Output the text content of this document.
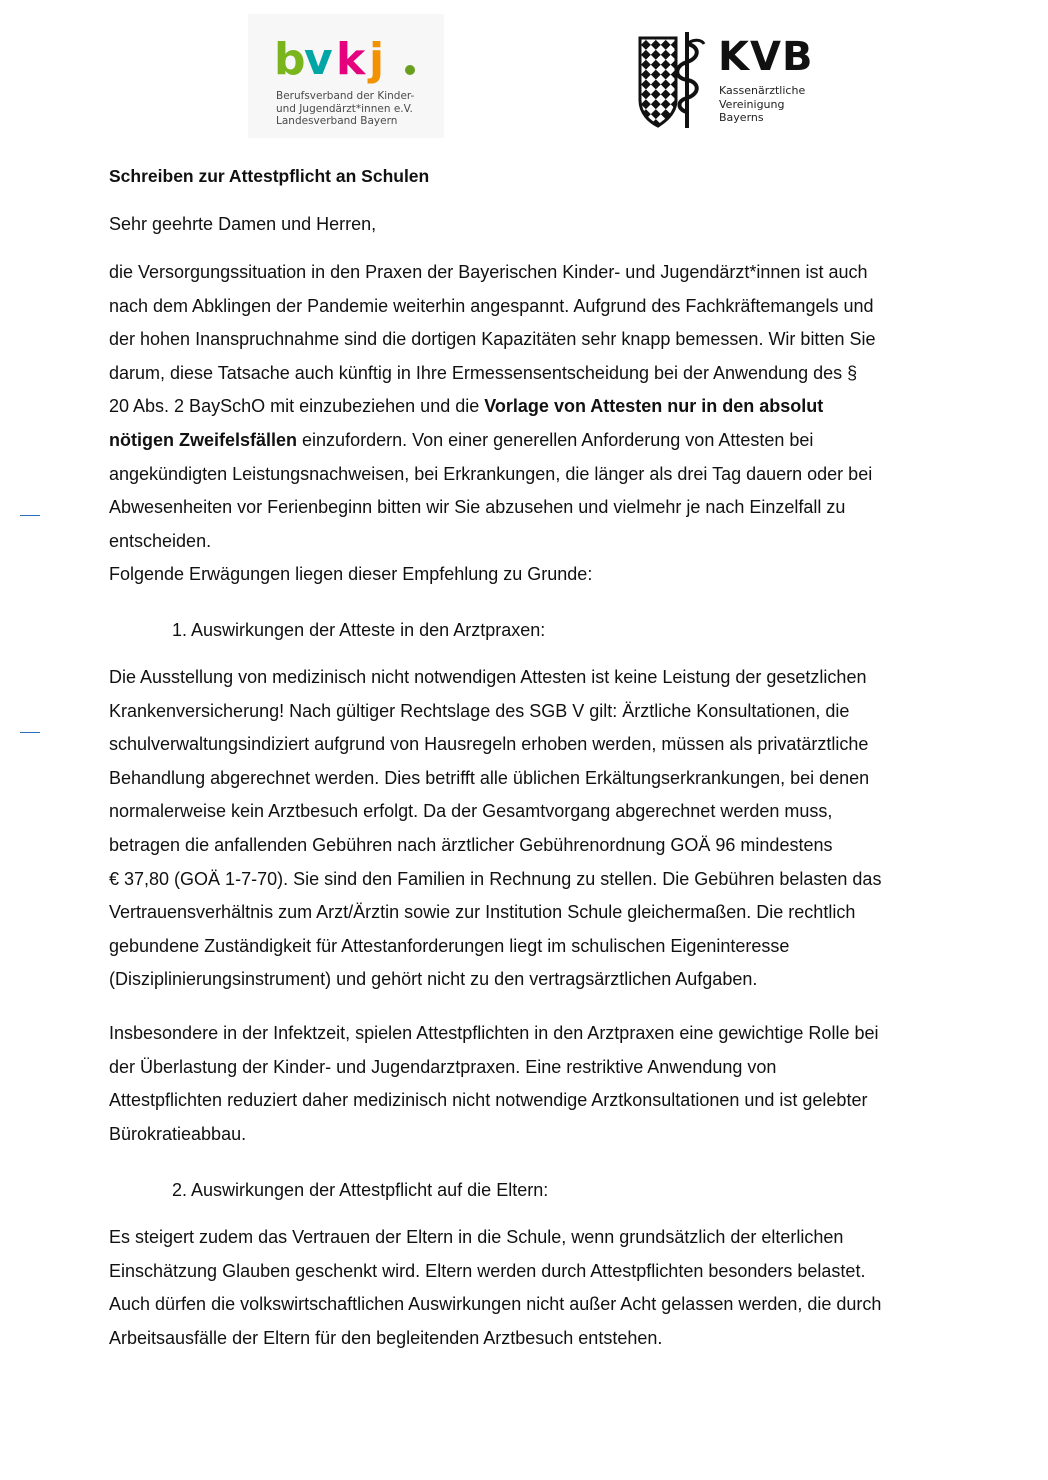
b
v k j
Berufsverband der Kinder-
und Jugendärzt*innen e.V.
Landesverband Bayern
KVB
Kassenärztliche
Vereinigung
Bayerns
Schreiben zur Attestpflicht an Schulen
Sehr geehrte Damen und Herren,
die Versorgungssituation in den Praxen der Bayerischen Kinder- und Jugendärzt*innen ist auch
nach dem Abklingen der Pandemie weiterhin angespannt. Aufgrund des Fachkräftemangels und
der hohen Inanspruchnahme sind die dortigen Kapazitäten sehr knapp bemessen. Wir bitten Sie
darum, diese Tatsache auch künftig in Ihre Ermessensentscheidung bei der Anwendung des §
20 Abs. 2 BaySchO mit einzubeziehen und die Vorlage von Attesten nur in den absolut
nötigen Zweifelsfällen einzufordern. Von einer generellen Anforderung von Attesten bei
angekündigten Leistungsnachweisen, bei Erkrankungen, die länger als drei Tag dauern oder bei
Abwesenheiten vor Ferienbeginn bitten wir Sie abzusehen und vielmehr je nach Einzelfall zu
entscheiden.
Folgende Erwägungen liegen dieser Empfehlung zu Grunde:
1. Auswirkungen der Atteste in den Arztpraxen:
Die Ausstellung von medizinisch nicht notwendigen Attesten ist keine Leistung der gesetzlichen
Krankenversicherung! Nach gültiger Rechtslage des SGB V gilt: Ärztliche Konsultationen, die
schulverwaltungsindiziert aufgrund von Hausregeln erhoben werden, müssen als privatärztliche
Behandlung abgerechnet werden. Dies betrifft alle üblichen Erkältungserkrankungen, bei denen
normalerweise kein Arztbesuch erfolgt. Da der Gesamtvorgang abgerechnet werden muss,
betragen die anfallenden Gebühren nach ärztlicher Gebührenordnung GOÄ 96 mindestens
€ 37,80 (GOÄ 1-7-70). Sie sind den Familien in Rechnung zu stellen. Die Gebühren belasten das
Vertrauensverhältnis zum Arzt/Ärztin sowie zur Institution Schule gleichermaßen. Die rechtlich
gebundene Zuständigkeit für Attestanforderungen liegt im schulischen Eigeninteresse
(Disziplinierungsinstrument) und gehört nicht zu den vertragsärztlichen Aufgaben.
Insbesondere in der Infektzeit, spielen Attestpflichten in den Arztpraxen eine gewichtige Rolle bei
der Überlastung der Kinder- und Jugendarztpraxen. Eine restriktive Anwendung von
Attestpflichten reduziert daher medizinisch nicht notwendige Arztkonsultationen und ist gelebter
Bürokratieabbau.
2. Auswirkungen der Attestpflicht auf die Eltern:
Es steigert zudem das Vertrauen der Eltern in die Schule, wenn grundsätzlich der elterlichen
Einschätzung Glauben geschenkt wird. Eltern werden durch Attestpflichten besonders belastet.
Auch dürfen die volkswirtschaftlichen Auswirkungen nicht außer Acht gelassen werden, die durch
Arbeitsausfälle der Eltern für den begleitenden Arztbesuch entstehen.
